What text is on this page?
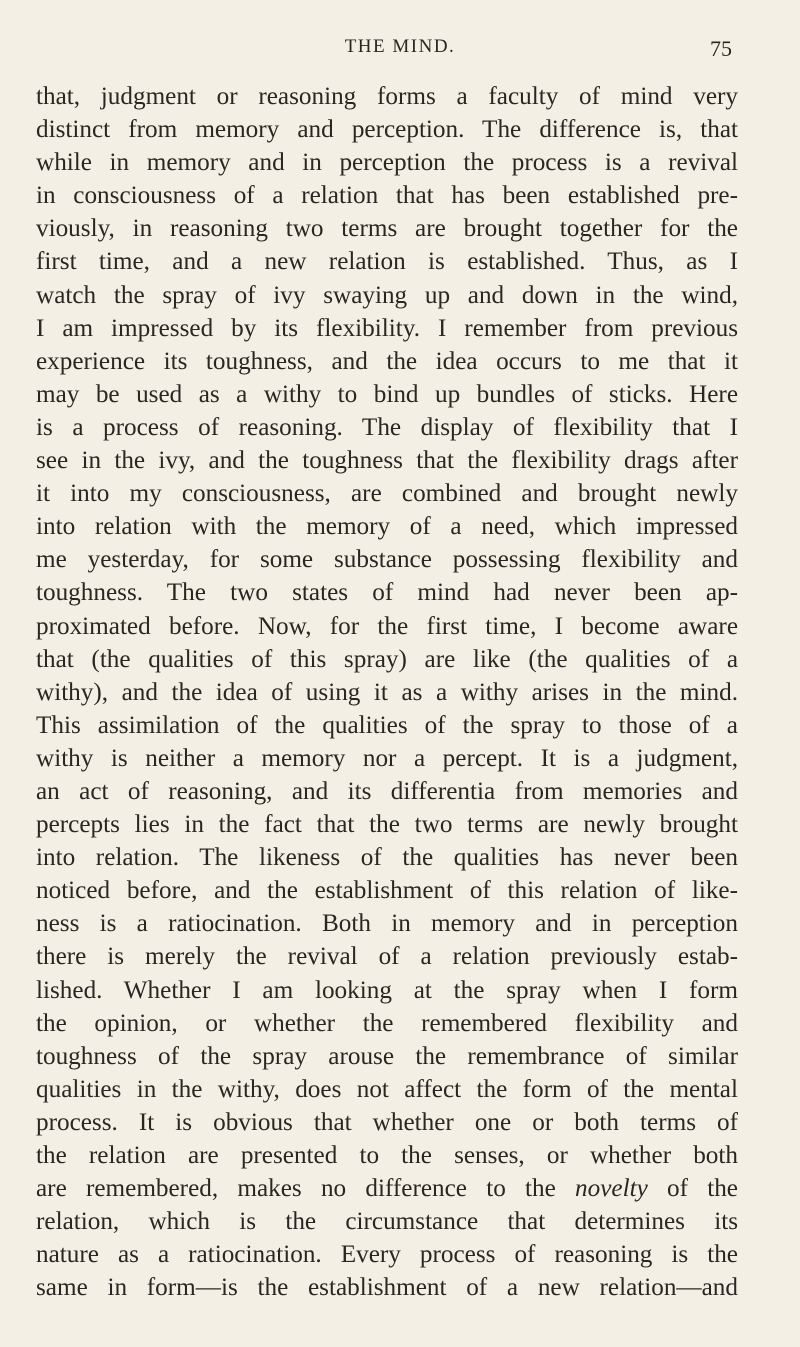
THE MIND.	75
that, judgment or reasoning forms a faculty of mind very
distinct from memory and perception. The difference is, that
while in memory and in perception the process is a revival
in consciousness of a relation that has been established pre-
viously, in reasoning two terms are brought together for the
first time, and a new relation is established. Thus, as I
watch the spray of ivy swaying up and down in the wind,
I am impressed by its flexibility. I remember from previous
experience its toughness, and the idea occurs to me that it
may be used as a withy to bind up bundles of sticks. Here
is a process of reasoning. The display of flexibility that I
see in the ivy, and the toughness that the flexibility drags after
it into my consciousness, are combined and brought newly
into relation with the memory of a need, which impressed
me yesterday, for some substance possessing flexibility and
toughness. The two states of mind had never been ap-
proximated before. Now, for the first time, I become aware
that (the qualities of this spray) are like (the qualities of a
withy), and the idea of using it as a withy arises in the mind.
This assimilation of the qualities of the spray to those of a
withy is neither a memory nor a percept. It is a judgment,
an act of reasoning, and its differentia from memories and
percepts lies in the fact that the two terms are newly brought
into relation. The likeness of the qualities has never been
noticed before, and the establishment of this relation of like-
ness is a ratiocination. Both in memory and in perception
there is merely the revival of a relation previously estab-
lished. Whether I am looking at the spray when I form
the opinion, or whether the remembered flexibility and
toughness of the spray arouse the remembrance of similar
qualities in the withy, does not affect the form of the mental
process. It is obvious that whether one or both terms of
the relation are presented to the senses, or whether both
are remembered, makes no difference to the novelty of the
relation, which is the circumstance that determines its
nature as a ratiocination. Every process of reasoning is the
same in form—is the establishment of a new relation—and
